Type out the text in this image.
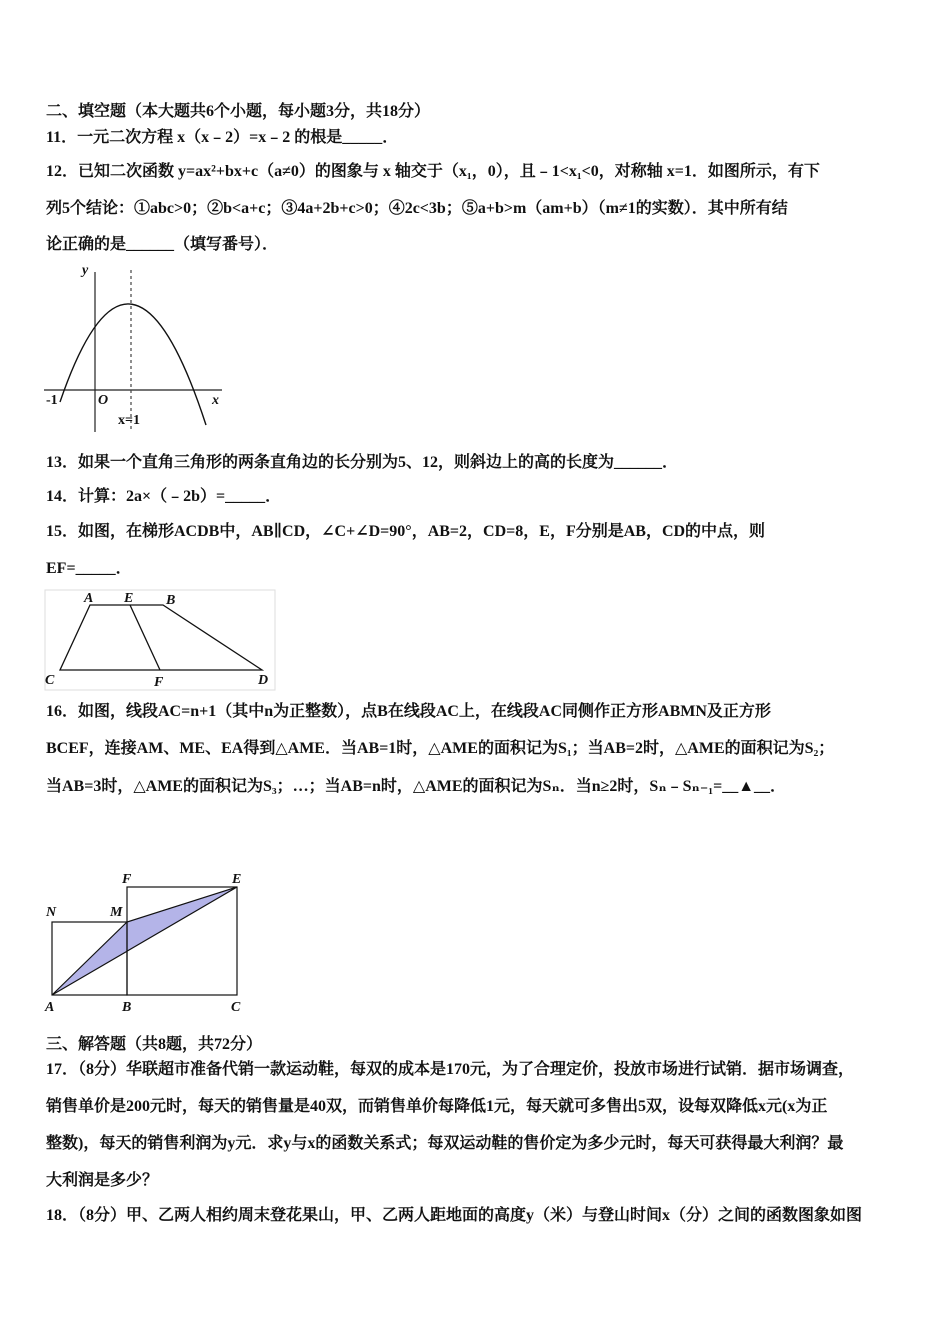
二、填空题（本大题共6个小题，每小题3分，共18分）
11．一元二次方程 x（x﹣2）=x﹣2 的根是_____．
12．已知二次函数 y=ax²+bx+c（a≠0）的图象与 x 轴交于（x₁，0），且﹣1<x₁<0，对称轴 x=1．如图所示，有下
列5个结论：①abc>0；②b<a+c；③4a+2b+c>0；④2c<3b；⑤a+b>m（am+b）（m≠1的实数）．其中所有结
论正确的是______（填写番号）．
y
x
O
-1
x=1
13．如果一个直角三角形的两条直角边的长分别为5、12，则斜边上的高的长度为______．
14．计算：2a×（﹣2b）=_____．
15．如图，在梯形ACDB中，AB∥CD，∠C+∠D=90°，AB=2，CD=8，E，F分别是AB，CD的中点，则
EF=_____．
A E B
C	F	D
16．如图，线段AC=n+1（其中n为正整数），点B在线段AC上，在线段AC同侧作正方形ABMN及正方形
BCEF，连接AM、ME、EA得到△AME．当AB=1时，△AME的面积记为S₁；当AB=2时，△AME的面积记为S₂；
当AB=3时，△AME的面积记为S₃；…；当AB=n时，△AME的面积记为Sₙ．当n≥2时，Sₙ﹣Sₙ₋₁=__▲__．
N	M
F	E
A	B	C
三、解答题（共8题，共72分）
17．（8分）华联超市准备代销一款运动鞋，每双的成本是170元，为了合理定价，投放市场进行试销．据市场调查，
销售单价是200元时，每天的销售量是40双，而销售单价每降低1元，每天就可多售出5双，设每双降低x元(x为正
整数)，每天的销售利润为y元．求y与x的函数关系式；每双运动鞋的售价定为多少元时，每天可获得最大利润？最
大利润是多少？
18．（8分）甲、乙两人相约周末登花果山，甲、乙两人距地面的高度y（米）与登山时间x（分）之间的函数图象如图
